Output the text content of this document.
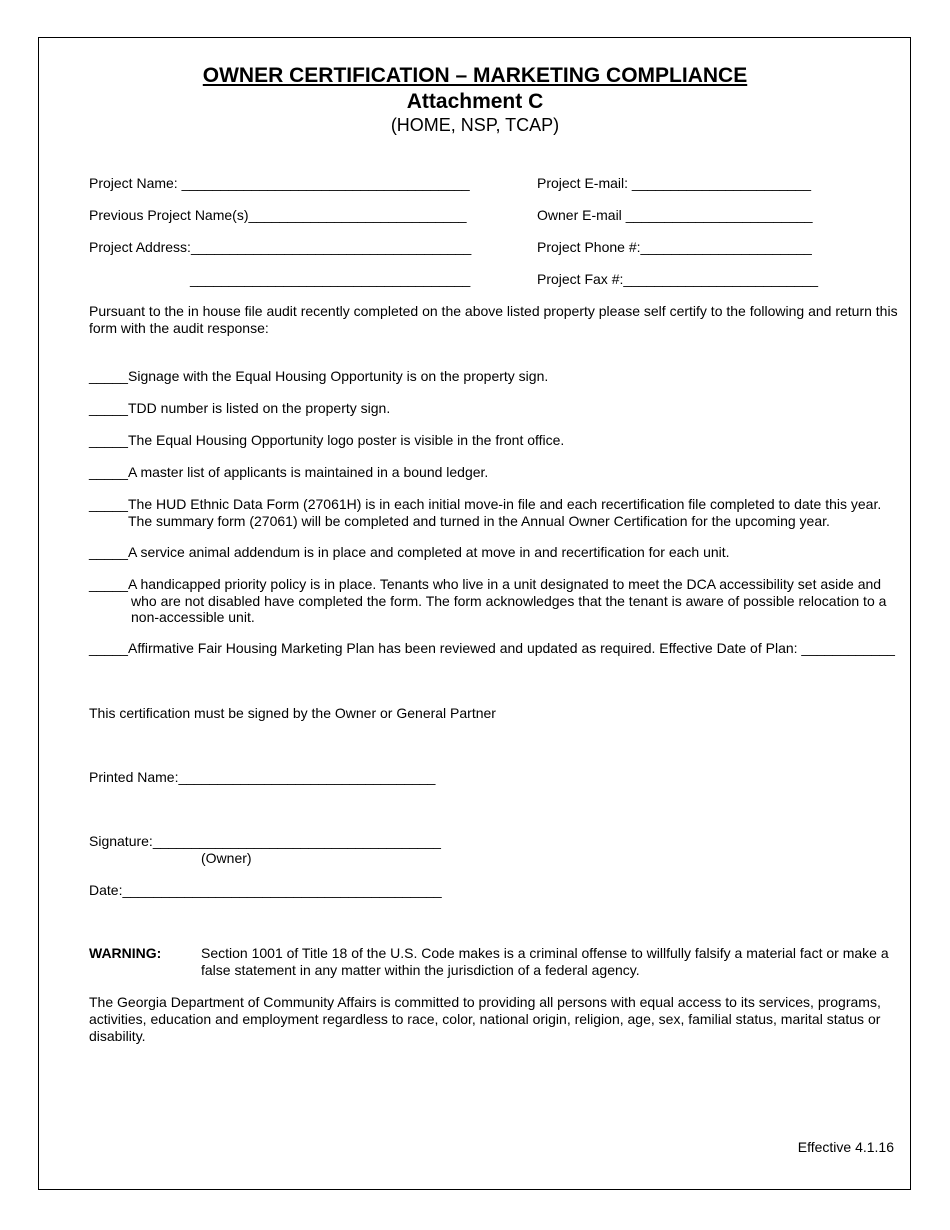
OWNER CERTIFICATION – MARKETING COMPLIANCE
Attachment C
(HOME, NSP, TCAP)
Project Name: _____________________________________
Previous Project Name(s)____________________________
Project Address:____________________________________
____________________________________
Project E-mail: _______________________
Owner E-mail ________________________
Project Phone #:______________________
Project Fax #:_________________________
Pursuant to the in house file audit recently completed on the above listed property please self certify to the following and return this form with the audit response:
_____ Signage with the Equal Housing Opportunity is on the property sign.
_____ TDD number is listed on the property sign.
_____ The Equal Housing Opportunity logo poster is visible in the front office.
_____ A master list of applicants is maintained in a bound ledger.
_____ The HUD Ethnic Data Form (27061H) is in each initial move-in file and each recertification file completed to date this year. The summary form (27061) will be completed and turned in the Annual Owner Certification for the upcoming year.
_____ A service animal addendum is in place and completed at move in and recertification for each unit.
_____ A handicapped priority policy is in place. Tenants who live in a unit designated to meet the DCA accessibility set aside and who are not disabled have completed the form. The form acknowledges that the tenant is aware of possible relocation to a non-accessible unit.
_____ Affirmative Fair Housing Marketing Plan has been reviewed and updated as required. Effective Date of Plan: ____________
This certification must be signed by the Owner or General Partner
Printed Name:_________________________________
Signature:_____________________________________
(Owner)
Date:_________________________________________
WARNING:	Section 1001 of Title 18 of the U.S. Code makes is a criminal offense to willfully falsify a material fact or make a false statement in any matter within the jurisdiction of a federal agency.
The Georgia Department of Community Affairs is committed to providing all persons with equal access to its services, programs, activities, education and employment regardless to race, color, national origin, religion, age, sex, familial status, marital status or disability.
Effective 4.1.16
